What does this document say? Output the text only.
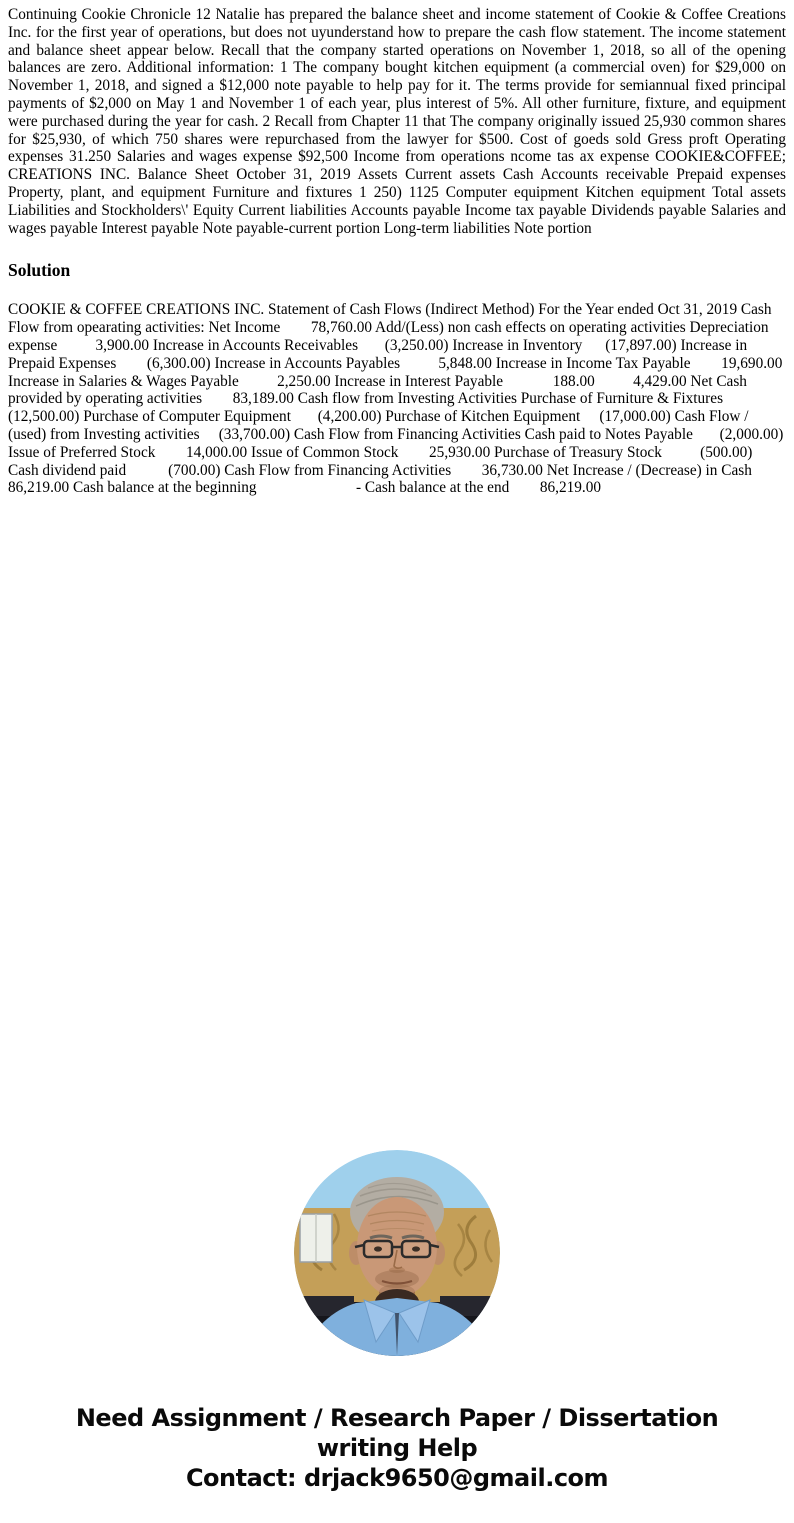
Continuing Cookie Chronicle 12 Natalie has prepared the balance sheet and income statement of Cookie & Coffee Creations Inc. for the first year of operations, but does not uyunderstand how to prepare the cash flow statement. The income statement and balance sheet appear below. Recall that the company started operations on November 1, 2018, so all of the opening balances are zero. Additional information: 1 The company bought kitchen equipment (a commercial oven) for $29,000 on November 1, 2018, and signed a $12,000 note payable to help pay for it. The terms provide for semiannual fixed principal payments of $2,000 on May 1 and November 1 of each year, plus interest of 5%. All other furniture, fixture, and equipment were purchased during the year for cash. 2 Recall from Chapter 11 that The company originally issued 25,930 common shares for $25,930, of which 750 shares were repurchased from the lawyer for $500. Cost of goeds sold Gress proft Operating expenses 31.250 Salaries and wages expense $92,500 Income from operations ncome tas ax expense COOKIE&COFFEE; CREATIONS INC. Balance Sheet October 31, 2019 Assets Current assets Cash Accounts receivable Prepaid expenses Property, plant, and equipment Furniture and fixtures 1 250) 1125 Computer equipment Kitchen equipment Total assets Liabilities and Stockholders\' Equity Current liabilities Accounts payable Income tax payable Dividends payable Salaries and wages payable Interest payable Note payable-current portion Long-term liabilities Note portion

Solution

COOKIE & COFFEE CREATIONS INC. Statement of Cash Flows (Indirect Method) For the Year ended Oct 31, 2019 Cash Flow from opearating activities: Net Income        78,760.00 Add/(Less) non cash effects on operating activities Depreciation expense          3,900.00 Increase in Accounts Receivables       (3,250.00) Increase in Inventory      (17,897.00) Increase in Prepaid Expenses        (6,300.00) Increase in Accounts Payables          5,848.00 Increase in Income Tax Payable        19,690.00 Increase in Salaries & Wages Payable          2,250.00 Increase in Interest Payable             188.00          4,429.00 Net Cash provided by operating activities        83,189.00 Cash flow from Investing Activities Purchase of Furniture & Fixtures     (12,500.00) Purchase of Computer Equipment       (4,200.00) Purchase of Kitchen Equipment     (17,000.00) Cash Flow / (used) from Investing activities     (33,700.00) Cash Flow from Financing Activities Cash paid to Notes Payable       (2,000.00) Issue of Preferred Stock        14,000.00 Issue of Common Stock        25,930.00 Purchase of Treasury Stock          (500.00) Cash dividend paid           (700.00) Cash Flow from Financing Activities        36,730.00 Net Increase / (Decrease) in Cash        86,219.00 Cash balance at the beginning                          - Cash balance at the end        86,219.00

Need Assignment / Research Paper / Dissertation
writing Help
Contact: drjack9650@gmail.com
